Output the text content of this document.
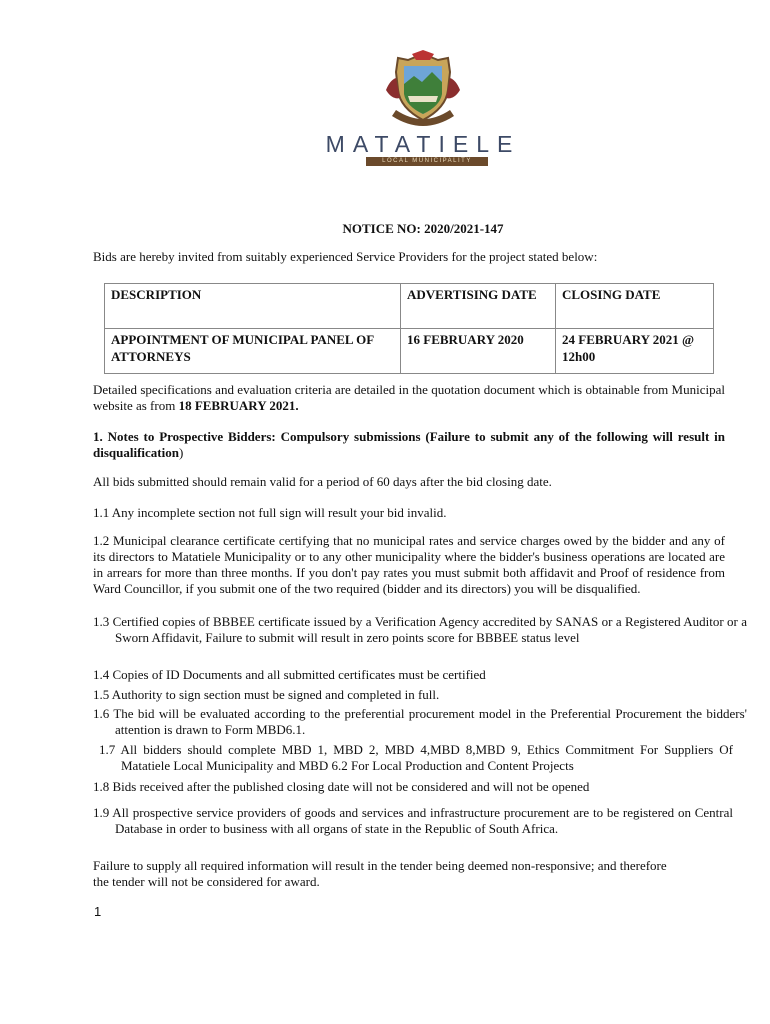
MATATIELE
LOCAL MUNICIPALITY
NOTICE NO: 2020/2021-147
Bids are hereby invited from suitably experienced Service Providers for the project stated below:
DESCRIPTION	ADVERTISING DATE	CLOSING DATE
APPOINTMENT OF MUNICIPAL PANEL OF ATTORNEYS	16 FEBRUARY 2020	24 FEBRUARY 2021 @ 12h00
Detailed specifications and evaluation criteria are detailed in the quotation document which is obtainable from Municipal website as from 18 FEBRUARY 2021.
1. Notes to Prospective Bidders: Compulsory submissions (Failure to submit any of the following will result in disqualification)
All bids submitted should remain valid for a period of 60 days after the bid closing date.
1.1 Any incomplete section not full sign will result your bid invalid.
1.2 Municipal clearance certificate certifying that no municipal rates and service charges owed by the bidder and any of its directors to Matatiele Municipality or to any other municipality where the bidder's business operations are located are in arrears for more than three months. If you don't pay rates you must submit both affidavit and Proof of residence from Ward Councillor, if you submit one of the two required (bidder and its directors) you will be disqualified.
1.3 Certified copies of BBBEE certificate issued by a Verification Agency accredited by SANAS or a Registered Auditor or a Sworn Affidavit, Failure to submit will result in zero points score for BBBEE status level
1.4 Copies of ID Documents and all submitted certificates must be certified
1.5 Authority to sign section must be signed and completed in full.
1.6 The bid will be evaluated according to the preferential procurement model in the Preferential Procurement the bidders' attention is drawn to Form MBD6.1.
1.7 All bidders should complete MBD 1, MBD 2, MBD 4,MBD 8,MBD 9, Ethics Commitment For Suppliers Of Matatiele Local Municipality and MBD 6.2 For Local Production and Content Projects
1.8 Bids received after the published closing date will not be considered and will not be opened
1.9 All prospective service providers of goods and services and infrastructure procurement are to be registered on Central Database in order to business with all organs of state in the Republic of South Africa.
Failure to supply all required information will result in the tender being deemed non-responsive; and therefore the tender will not be considered for award.
1
